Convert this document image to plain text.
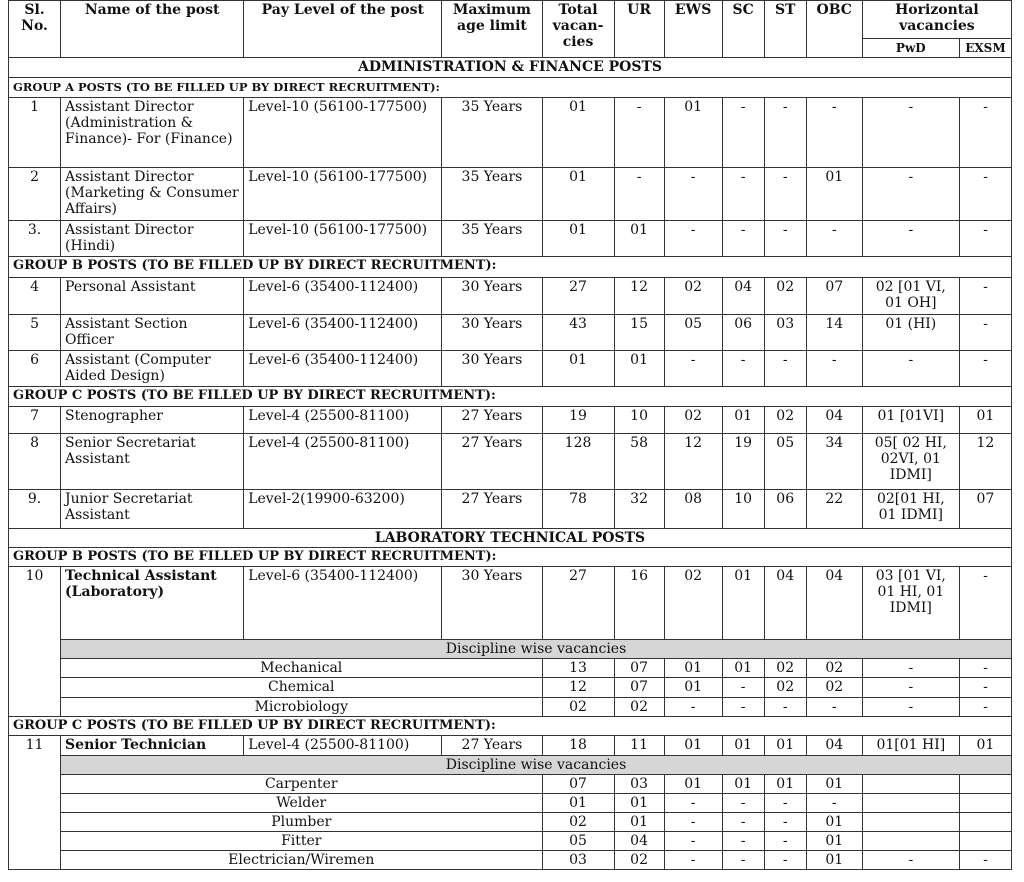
Sl. No.	Name of the post	Pay Level of the post	Maximum age limit	Total vacan- cies	UR	EWS	SC	ST	OBC	Horizontal vacancies	
										PwD	EXSM
ADMINISTRATION & FINANCE POSTS											
GROUP A POSTS (TO BE FILLED UP BY DIRECT RECRUITMENT):											
1	Assistant Director (Administration & Finance)- For (Finance)	Level-10 (56100-177500)	35 Years	01	-	01	-	-	-	-	-
2	Assistant Director (Marketing & Consumer Affairs)	Level-10 (56100-177500)	35 Years	01	-	-	-	-	01	-	-
3.	Assistant Director (Hindi)	Level-10 (56100-177500)	35 Years	01	01	-	-	-	-	-	-
GROUP B POSTS (TO BE FILLED UP BY DIRECT RECRUITMENT):											
4	Personal Assistant	Level-6 (35400-112400)	30 Years	27	12	02	04	02	07	02 [01 VI, 01 OH]	-
5	Assistant Section Officer	Level-6 (35400-112400)	30 Years	43	15	05	06	03	14	01 (HI)	-
6	Assistant (Computer Aided Design)	Level-6 (35400-112400)	30 Years	01	01	-	-	-	-	-	-
GROUP C POSTS (TO BE FILLED UP BY DIRECT RECRUITMENT):											
7	Stenographer	Level-4 (25500-81100)	27 Years	19	10	02	01	02	04	01 [01VI]	01
8	Senior Secretariat Assistant	Level-4 (25500-81100)	27 Years	128	58	12	19	05	34	05[ 02 HI, 02VI, 01 IDMI]	12
9.	Junior Secretariat Assistant	Level-2(19900-63200)	27 Years	78	32	08	10	06	22	02[01 HI, 01 IDMI]	07
LABORATORY TECHNICAL POSTS											
GROUP B POSTS (TO BE FILLED UP BY DIRECT RECRUITMENT):											
10	Technical Assistant (Laboratory)	Level-6 (35400-112400)	30 Years	27	16	02	01	04	04	03 [01 VI, 01 HI, 01 IDMI]	-
	Discipline wise vacancies										
	Mechanical			13	07	01	01	02	02	-	-
	Chemical			12	07	01	-	02	02	-	-
	Microbiology			02	02	-	-	-	-	-	-
GROUP C POSTS (TO BE FILLED UP BY DIRECT RECRUITMENT):											
11	Senior Technician	Level-4 (25500-81100)	27 Years	18	11	01	01	01	04	01[01 HI]	01
	Discipline wise vacancies										
	Carpenter			07	03	01	01	01	01		
	Welder			01	01	-	-	-	-		
	Plumber			02	01	-	-	-	01		
	Fitter			05	04	-	-	-	01		
	Electrician/Wiremen			03	02	-	-	-	01	-	-
